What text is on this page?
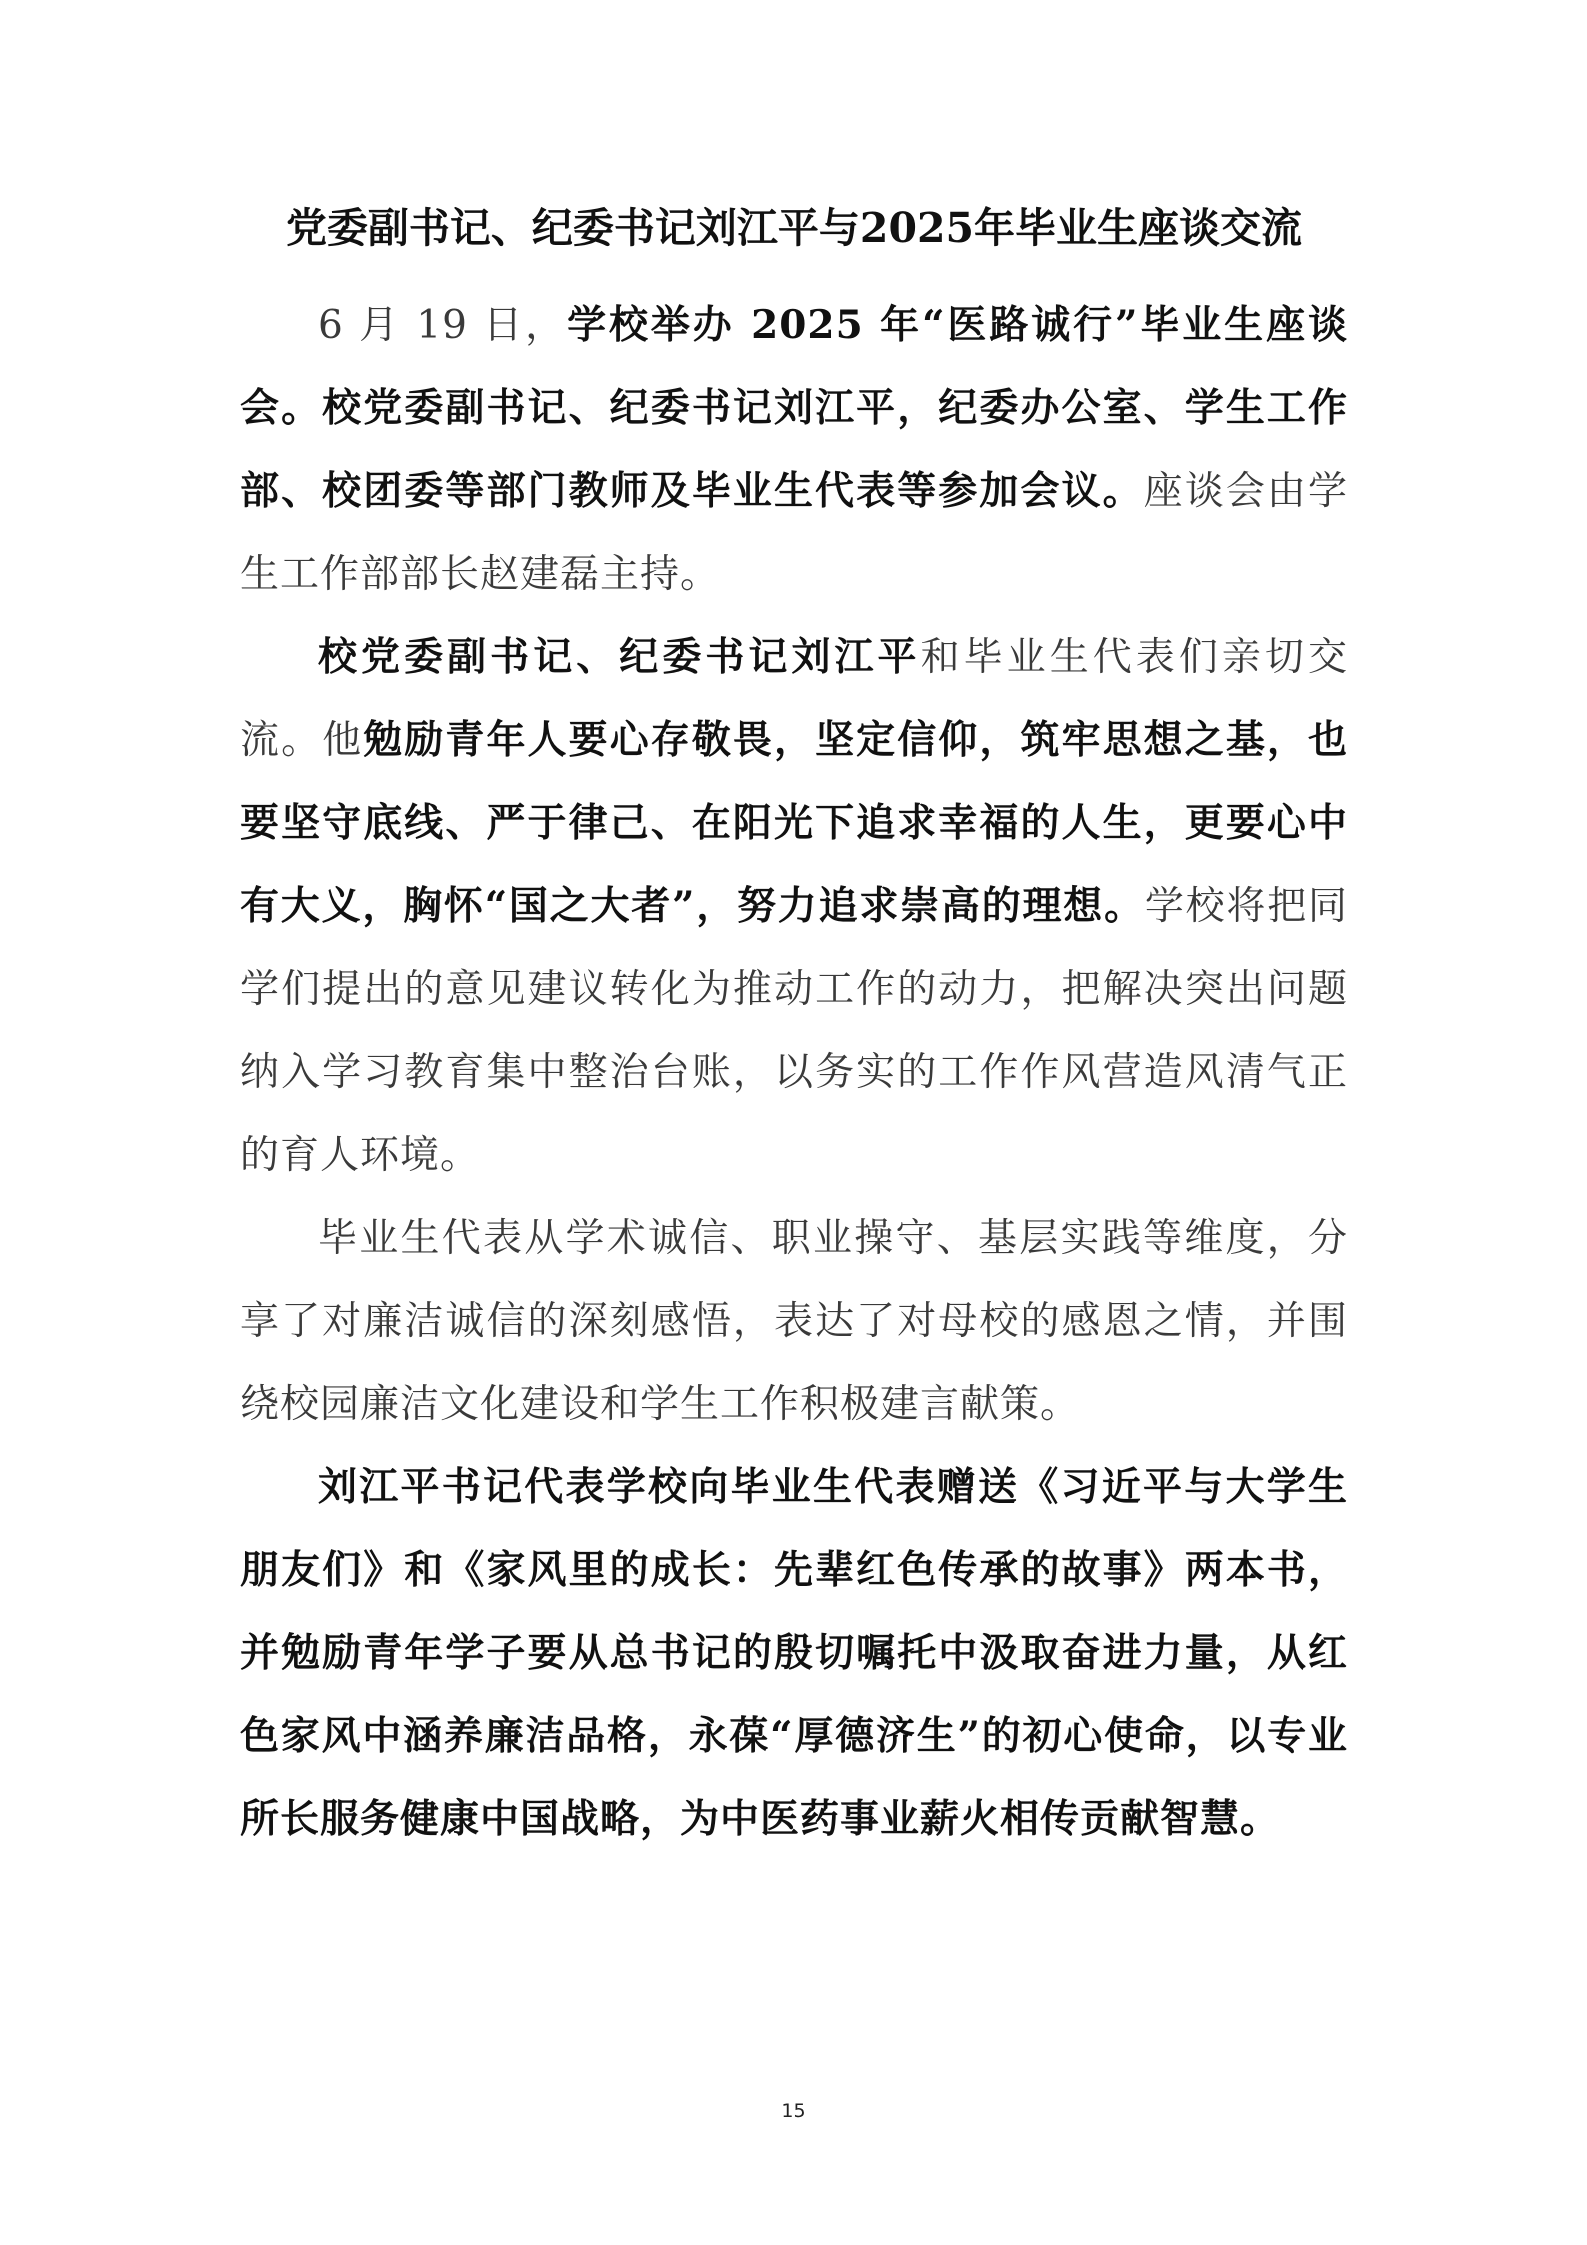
党委副书记、纪委书记刘江平与2025年毕业生座谈交流

6 月 19 日，学校举办 2025 年“医路诚行”毕业生座谈会。校党委副书记、纪委书记刘江平，纪委办公室、学生工作部、校团委等部门教师及毕业生代表等参加会议。座谈会由学生工作部部长赵建磊主持。

校党委副书记、纪委书记刘江平和毕业生代表们亲切交流。他勉励青年人要心存敬畏，坚定信仰，筑牢思想之基，也要坚守底线、严于律己、在阳光下追求幸福的人生，更要心中有大义，胸怀“国之大者”，努力追求崇高的理想。学校将把同学们提出的意见建议转化为推动工作的动力，把解决突出问题纳入学习教育集中整治台账，以务实的工作作风营造风清气正的育人环境。

毕业生代表从学术诚信、职业操守、基层实践等维度，分享了对廉洁诚信的深刻感悟，表达了对母校的感恩之情，并围绕校园廉洁文化建设和学生工作积极建言献策。

刘江平书记代表学校向毕业生代表赠送《习近平与大学生朋友们》和《家风里的成长：先辈红色传承的故事》两本书，并勉励青年学子要从总书记的殷切嘱托中汲取奋进力量，从红色家风中涵养廉洁品格，永葆“厚德济生”的初心使命，以专业所长服务健康中国战略，为中医药事业薪火相传贡献智慧。

15
